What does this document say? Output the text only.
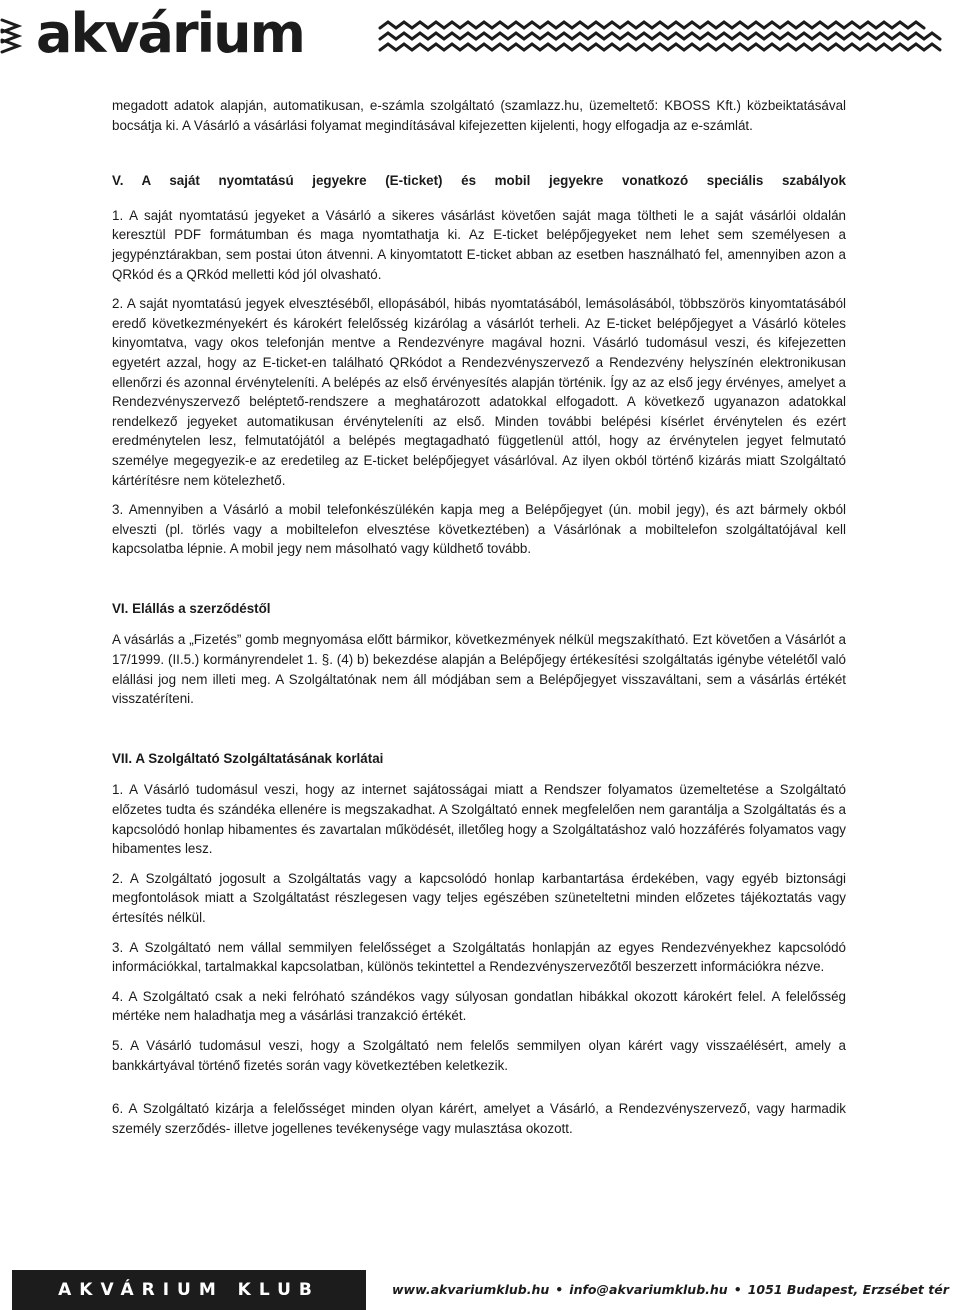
akvárium

megadott adatok alapján, automatikusan, e-számla szolgáltató (szamlazz.hu, üzemeltető: KBOSS Kft.) közbeiktatásával bocsátja ki. A Vásárló a vásárlási folyamat megindításával kifejezetten kijelenti, hogy elfogadja az e-számlát.

V. A saját nyomtatású jegyekre (E-ticket) és mobil jegyekre vonatkozó speciális szabályok

1. A saját nyomtatású jegyeket a Vásárló a sikeres vásárlást követően saját maga töltheti le a saját vásárlói oldalán keresztül PDF formátumban és maga nyomtathatja ki. Az E-ticket belépőjegyeket nem lehet sem személyesen a jegypénztárakban, sem postai úton átvenni. A kinyomtatott E-ticket abban az esetben használható fel, amennyiben azon a QRkód és a QRkód melletti kód jól olvasható.

2. A saját nyomtatású jegyek elvesztéséből, ellopásából, hibás nyomtatásából, lemásolásából, többszörös kinyomtatásából eredő következményekért és károkért felelősség kizárólag a vásárlót terheli. Az E-ticket belépőjegyet a Vásárló köteles kinyomtatva, vagy okos telefonján mentve a Rendezvényre magával hozni. Vásárló tudomásul veszi, és kifejezetten egyetért azzal, hogy az E-ticket-en található QRkódot a Rendezvényszervező a Rendezvény helyszínén elektronikusan ellenőrzi és azonnal érvényteleníti. A belépés az első érvényesítés alapján történik. Így az az első jegy érvényes, amelyet a Rendezvényszervező beléptető-rendszere a meghatározott adatokkal elfogadott. A következő ugyanazon adatokkal rendelkező jegyeket automatikusan érvényteleníti az első. Minden további belépési kísérlet érvénytelen és ezért eredménytelen lesz, felmutatójától a belépés megtagadható függetlenül attól, hogy az érvénytelen jegyet felmutató személye megegyezik-e az eredetileg az E-ticket belépőjegyet vásárlóval. Az ilyen okból történő kizárás miatt Szolgáltató kártérítésre nem kötelezhető.

3. Amennyiben a Vásárló a mobil telefonkészülékén kapja meg a Belépőjegyet (ún. mobil jegy), és azt bármely okból elveszti (pl. törlés vagy a mobiltelefon elvesztése következtében) a Vásárlónak a mobiltelefon szolgáltatójával kell kapcsolatba lépnie. A mobil jegy nem másolható vagy küldhető tovább.

VI. Elállás a szerződéstől

A vásárlás a „Fizetés” gomb megnyomása előtt bármikor, következmények nélkül megszakítható. Ezt követően a Vásárlót a 17/1999. (II.5.) kormányrendelet 1. §. (4) b) bekezdése alapján a Belépőjegy értékesítési szolgáltatás igénybe vételétől való elállási jog nem illeti meg. A Szolgáltatónak nem áll módjában sem a Belépőjegyet visszaváltani, sem a vásárlás értékét visszatéríteni.

VII. A Szolgáltató Szolgáltatásának korlátai

1. A Vásárló tudomásul veszi, hogy az internet sajátosságai miatt a Rendszer folyamatos üzemeltetése a Szolgáltató előzetes tudta és szándéka ellenére is megszakadhat. A Szolgáltató ennek megfelelően nem garantálja a Szolgáltatás és a kapcsolódó honlap hibamentes és zavartalan működését, illetőleg hogy a Szolgáltatáshoz való hozzáférés folyamatos vagy hibamentes lesz.

2. A Szolgáltató jogosult a Szolgáltatás vagy a kapcsolódó honlap karbantartása érdekében, vagy egyéb biztonsági megfontolások miatt a Szolgáltatást részlegesen vagy teljes egészében szüneteltetni minden előzetes tájékoztatás vagy értesítés nélkül.

3. A Szolgáltató nem vállal semmilyen felelősséget a Szolgáltatás honlapján az egyes Rendezvényekhez kapcsolódó információkkal, tartalmakkal kapcsolatban, különös tekintettel a Rendezvényszervezőtől beszerzett információkra nézve.

4. A Szolgáltató csak a neki felróható szándékos vagy súlyosan gondatlan hibákkal okozott károkért felel. A felelősség mértéke nem haladhatja meg a vásárlási tranzakció értékét.

5. A Vásárló tudomásul veszi, hogy a Szolgáltató nem felelős semmilyen olyan kárért vagy visszaélésért, amely a bankkártyával történő fizetés során vagy következtében keletkezik.

6. A Szolgáltató kizárja a felelősséget minden olyan kárért, amelyet a Vásárló, a Rendezvényszervező, vagy harmadik személy szerződés- illetve jogellenes tevékenysége vagy mulasztása okozott.

AKVÁRIUM KLUB	www.akvariumklub.hu • info@akvariumklub.hu • 1051 Budapest, Erzsébet tér
